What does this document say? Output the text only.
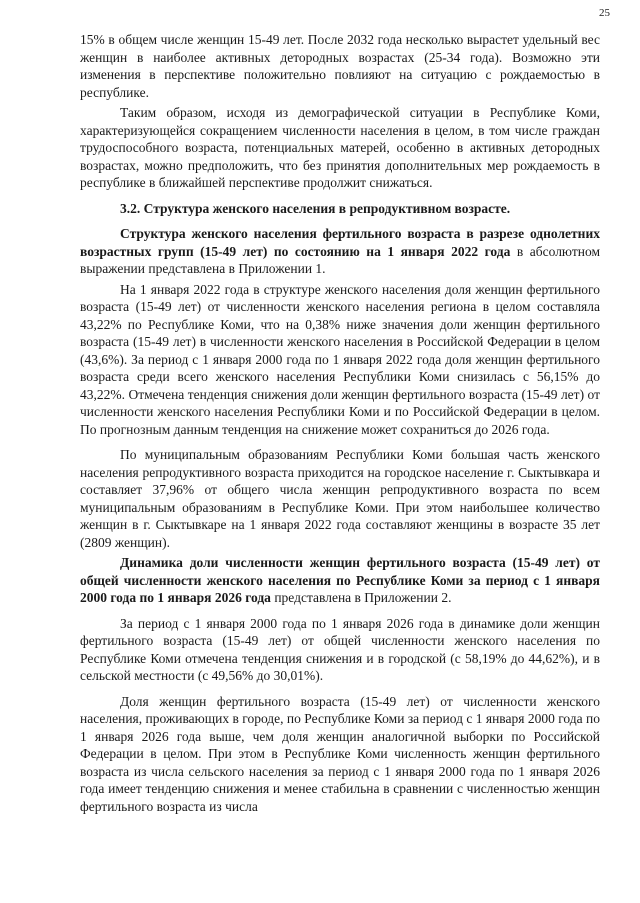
25

15% в общем числе женщин 15-49 лет. После 2032 года несколько вырастет удельный вес женщин в наиболее активных детородных возрастах (25-34 года). Возможно эти изменения в перспективе положительно повлияют на ситуацию с рождаемостью в республике.

Таким образом, исходя из демографической ситуации в Республике Коми, характеризующейся сокращением численности населения в целом, в том числе граждан трудоспособного возраста, потенциальных матерей, особенно в активных детородных возрастах, можно предположить, что без принятия дополнительных мер рождаемость в республике в ближайшей перспективе продолжит снижаться.

3.2. Структура женского населения в репродуктивном возрасте.

Структура женского населения фертильного возраста в разрезе однолетних возрастных групп (15-49 лет) по состоянию на 1 января 2022 года в абсолютном выражении представлена в Приложении 1.

На 1 января 2022 года в структуре женского населения доля женщин фертильного возраста (15-49 лет) от численности женского населения региона в целом составляла 43,22% по Республике Коми, что на 0,38% ниже значения доли женщин фертильного возраста (15-49 лет) в численности женского населения в Российской Федерации в целом (43,6%). За период с 1 января 2000 года по 1 января 2022 года доля женщин фертильного возраста среди всего женского населения Республики Коми снизилась с 56,15% до 43,22%. Отмечена тенденция снижения доли женщин фертильного возраста (15-49 лет) от численности женского населения Республики Коми и по Российской Федерации в целом. По прогнозным данным тенденция на снижение может сохраниться до 2026 года.

По муниципальным образованиям Республики Коми большая часть женского населения репродуктивного возраста приходится на городское население г. Сыктывкара и составляет 37,96% от общего числа женщин репродуктивного возраста по всем муниципальным образованиям в Республике Коми. При этом наибольшее количество женщин в г. Сыктывкаре на 1 января 2022 года составляют женщины в возрасте 35 лет (2809 женщин).

Динамика доли численности женщин фертильного возраста (15-49 лет) от общей численности женского населения по Республике Коми за период с 1 января 2000 года по 1 января 2026 года представлена в Приложении 2.

За период с 1 января 2000 года по 1 января 2026 года в динамике доли женщин фертильного возраста (15-49 лет) от общей численности женского населения по Республике Коми отмечена тенденция снижения и в городской (с 58,19% до 44,62%), и в сельской местности (с 49,56% до 30,01%).

Доля женщин фертильного возраста (15-49 лет) от численности женского населения, проживающих в городе, по Республике Коми за период с 1 января 2000 года по 1 января 2026 года выше, чем доля женщин аналогичной выборки по Российской Федерации в целом. При этом в Республике Коми численность женщин фертильного возраста из числа сельского населения за период с 1 января 2000 года по 1 января 2026 года имеет тенденцию снижения и менее стабильна в сравнении с численностью женщин фертильного возраста из числа
